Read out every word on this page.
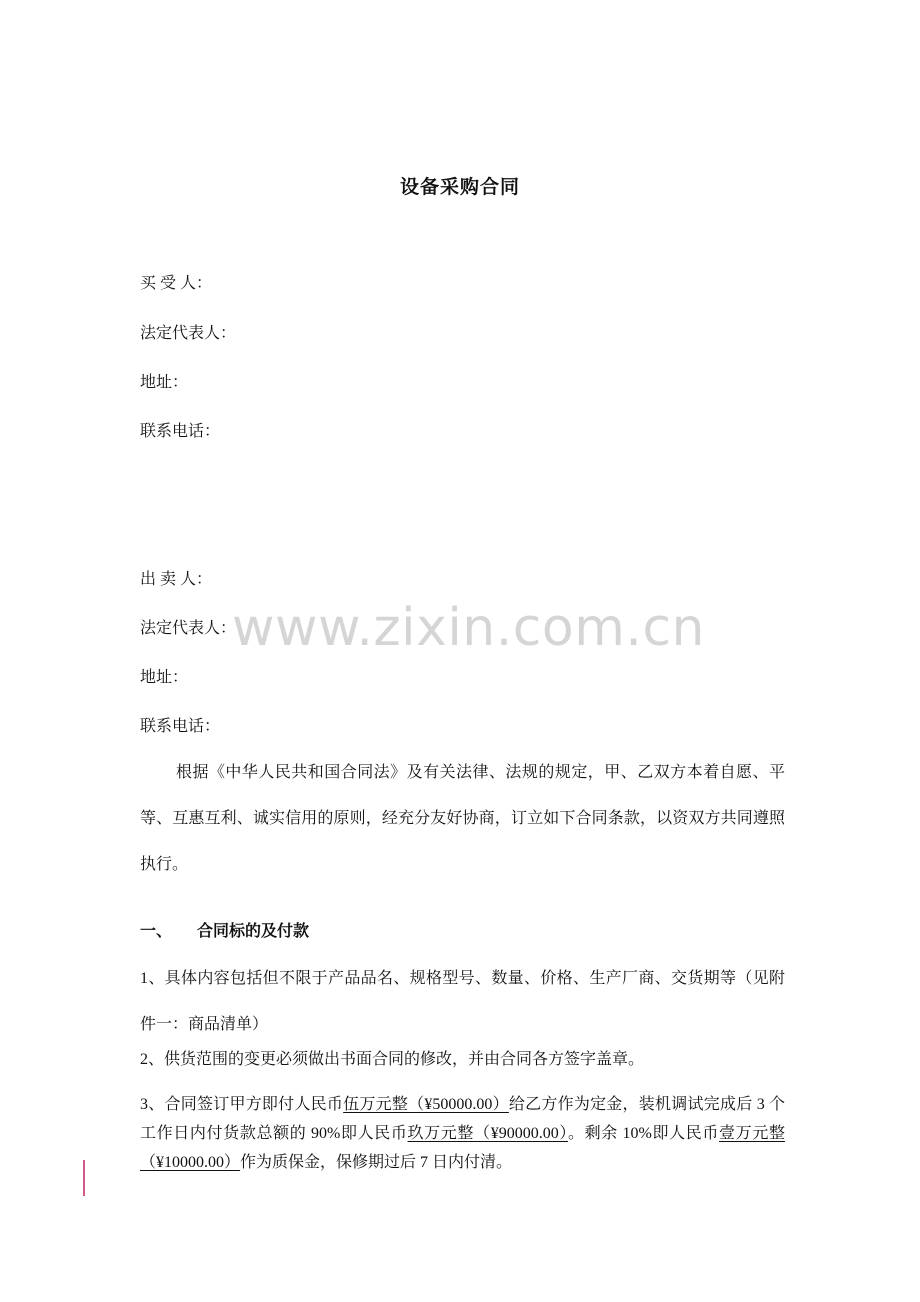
设备采购合同
买 受 人：
法定代表人：
地址：
联系电话：
出 卖 人：
法定代表人：
地址：
联系电话：
根据《中华人民共和国合同法》及有关法律、法规的规定，甲、乙双方本着自愿、平等、互惠互利、诚实信用的原则，经充分友好协商，订立如下合同条款，以资双方共同遵照执行。
一、 合同标的及付款
1、具体内容包括但不限于产品品名、规格型号、数量、价格、生产厂商、交货期等（见附件一：商品清单）
2、供货范围的变更必须做出书面合同的修改，并由合同各方签字盖章。
3、合同签订甲方即付人民币伍万元整（¥50000.00）给乙方作为定金，装机调试完成后 3 个工作日内付货款总额的 90%即人民币玖万元整（¥90000.00）。剩余 10%即人民币壹万元整（¥10000.00）作为质保金，保修期过后 7 日内付清。
www.zixin.com.cn
